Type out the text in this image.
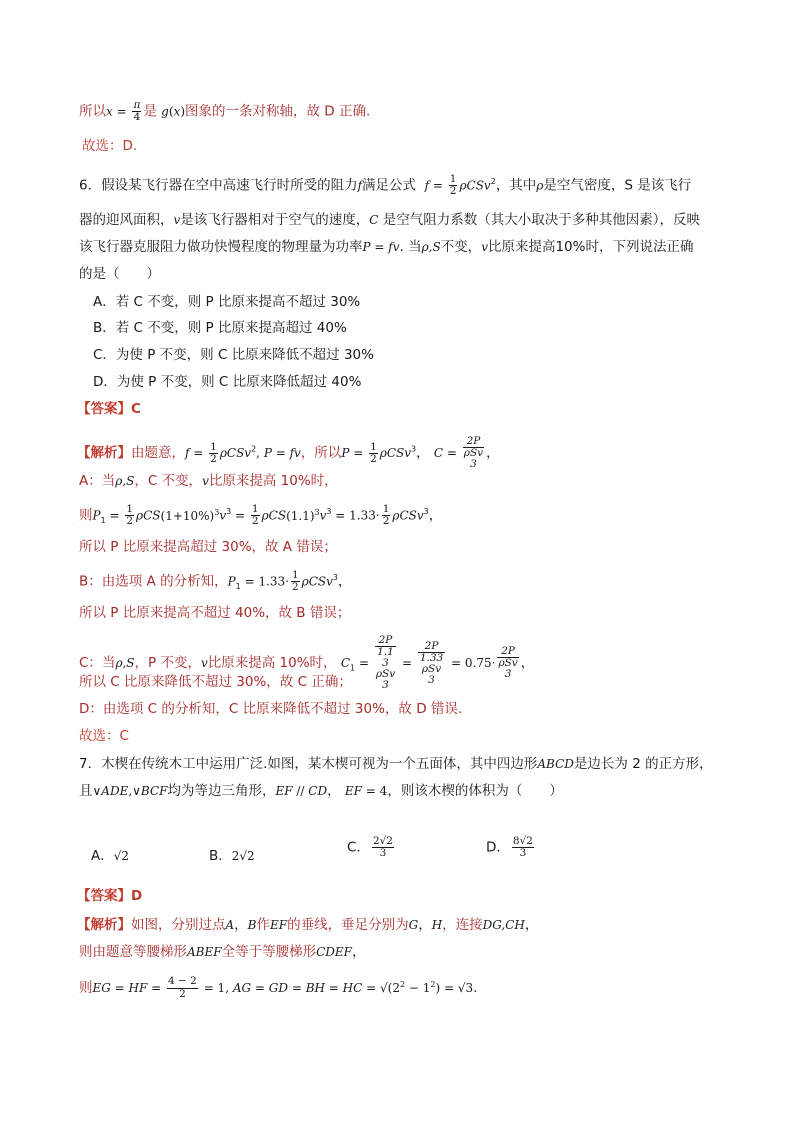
所以$x = \frac{\pi}{4}$ 是 g(x)图象的一条对称轴，故 D 正确.
故选：D.
6．假设某飞行器在空中高速飞行时所受的阻力f满足公式 $f = \frac{1}{2} \rho CSv^2$，其中ρ是空气密度，S 是该飞行
器的迎风面积，v是该飞行器相对于空气的速度，C 是空气阻力系数（其大小取决于多种其他因素），反映
该飞行器克服阻力做功快慢程度的物理量为功率P = fv. 当ρ,S不变，v比原来提高10%时，下列说法正确
的是（　　）
A．若 C 不变，则 P 比原来提高不超过 30%
B．若 C 不变，则 P 比原来提高超过 40%
C．为使 P 不变，则 C 比原来降低不超过 30%
D．为使 P 不变，则 C 比原来降低超过 40%
【答案】C
【解析】由题意，$f = \frac{1}{2} \rho CSv^2$, P = fv，所以$P = \frac{1}{2} \rho CSv^3$， C = 2P
ρSv
3 ，
A：当ρ,S，C 不变，v比原来提高 10%时，
则$P_1 = \frac{1}{2} \rho CS(1+10\%)^3v^3 = \frac{1}{2} \rho CS(1.1)^3v^3 = 1.33\cdot \frac{1}{2} \rho CSv^3$，
所以 P 比原来提高超过 30%，故 A 错误；
B：由选项 A 的分析知，$P_1 = 1.33\cdot \frac{1}{2} \rho CSv^3$，
所以 P 比原来提高不超过 40%，故 B 错误；
C：当ρ,S，P 不变，v比原来提高 10%时， $C_1 = 2P$
1.1
3
ρSv
3 = 2P
1.33
ρSv
3 = 0.75· 2P
ρSv
3 ，
所以 C 比原来降低不超过 30%，故 C 正确；
D：由选项 C 的分析知，C 比原来降低不超过 30%，故 D 错误.
故选：C
7．木楔在传统木工中运用广泛.如图，某木楔可视为一个五面体，其中四边形ABCD是边长为 2 的正方形，
且∨ADE,∨BCF均为等边三角形，EF // CD， EF = 4，则该木楔的体积为（　　）
A．√2	B．2√2
C． $\frac{2√2}{3}$	D． $\frac{8√2}{3}$
【答案】D
【解析】如图，分别过点A，B作EF的垂线，垂足分别为G，H，连接DG,CH，
则由题意等腰梯形ABEF全等于等腰梯形CDEF，
则EG = HF = $\frac{4 - 2}{2} = 1$, AG = GD = BH = HC = $√(2^2 - 1^2) = √3$.
